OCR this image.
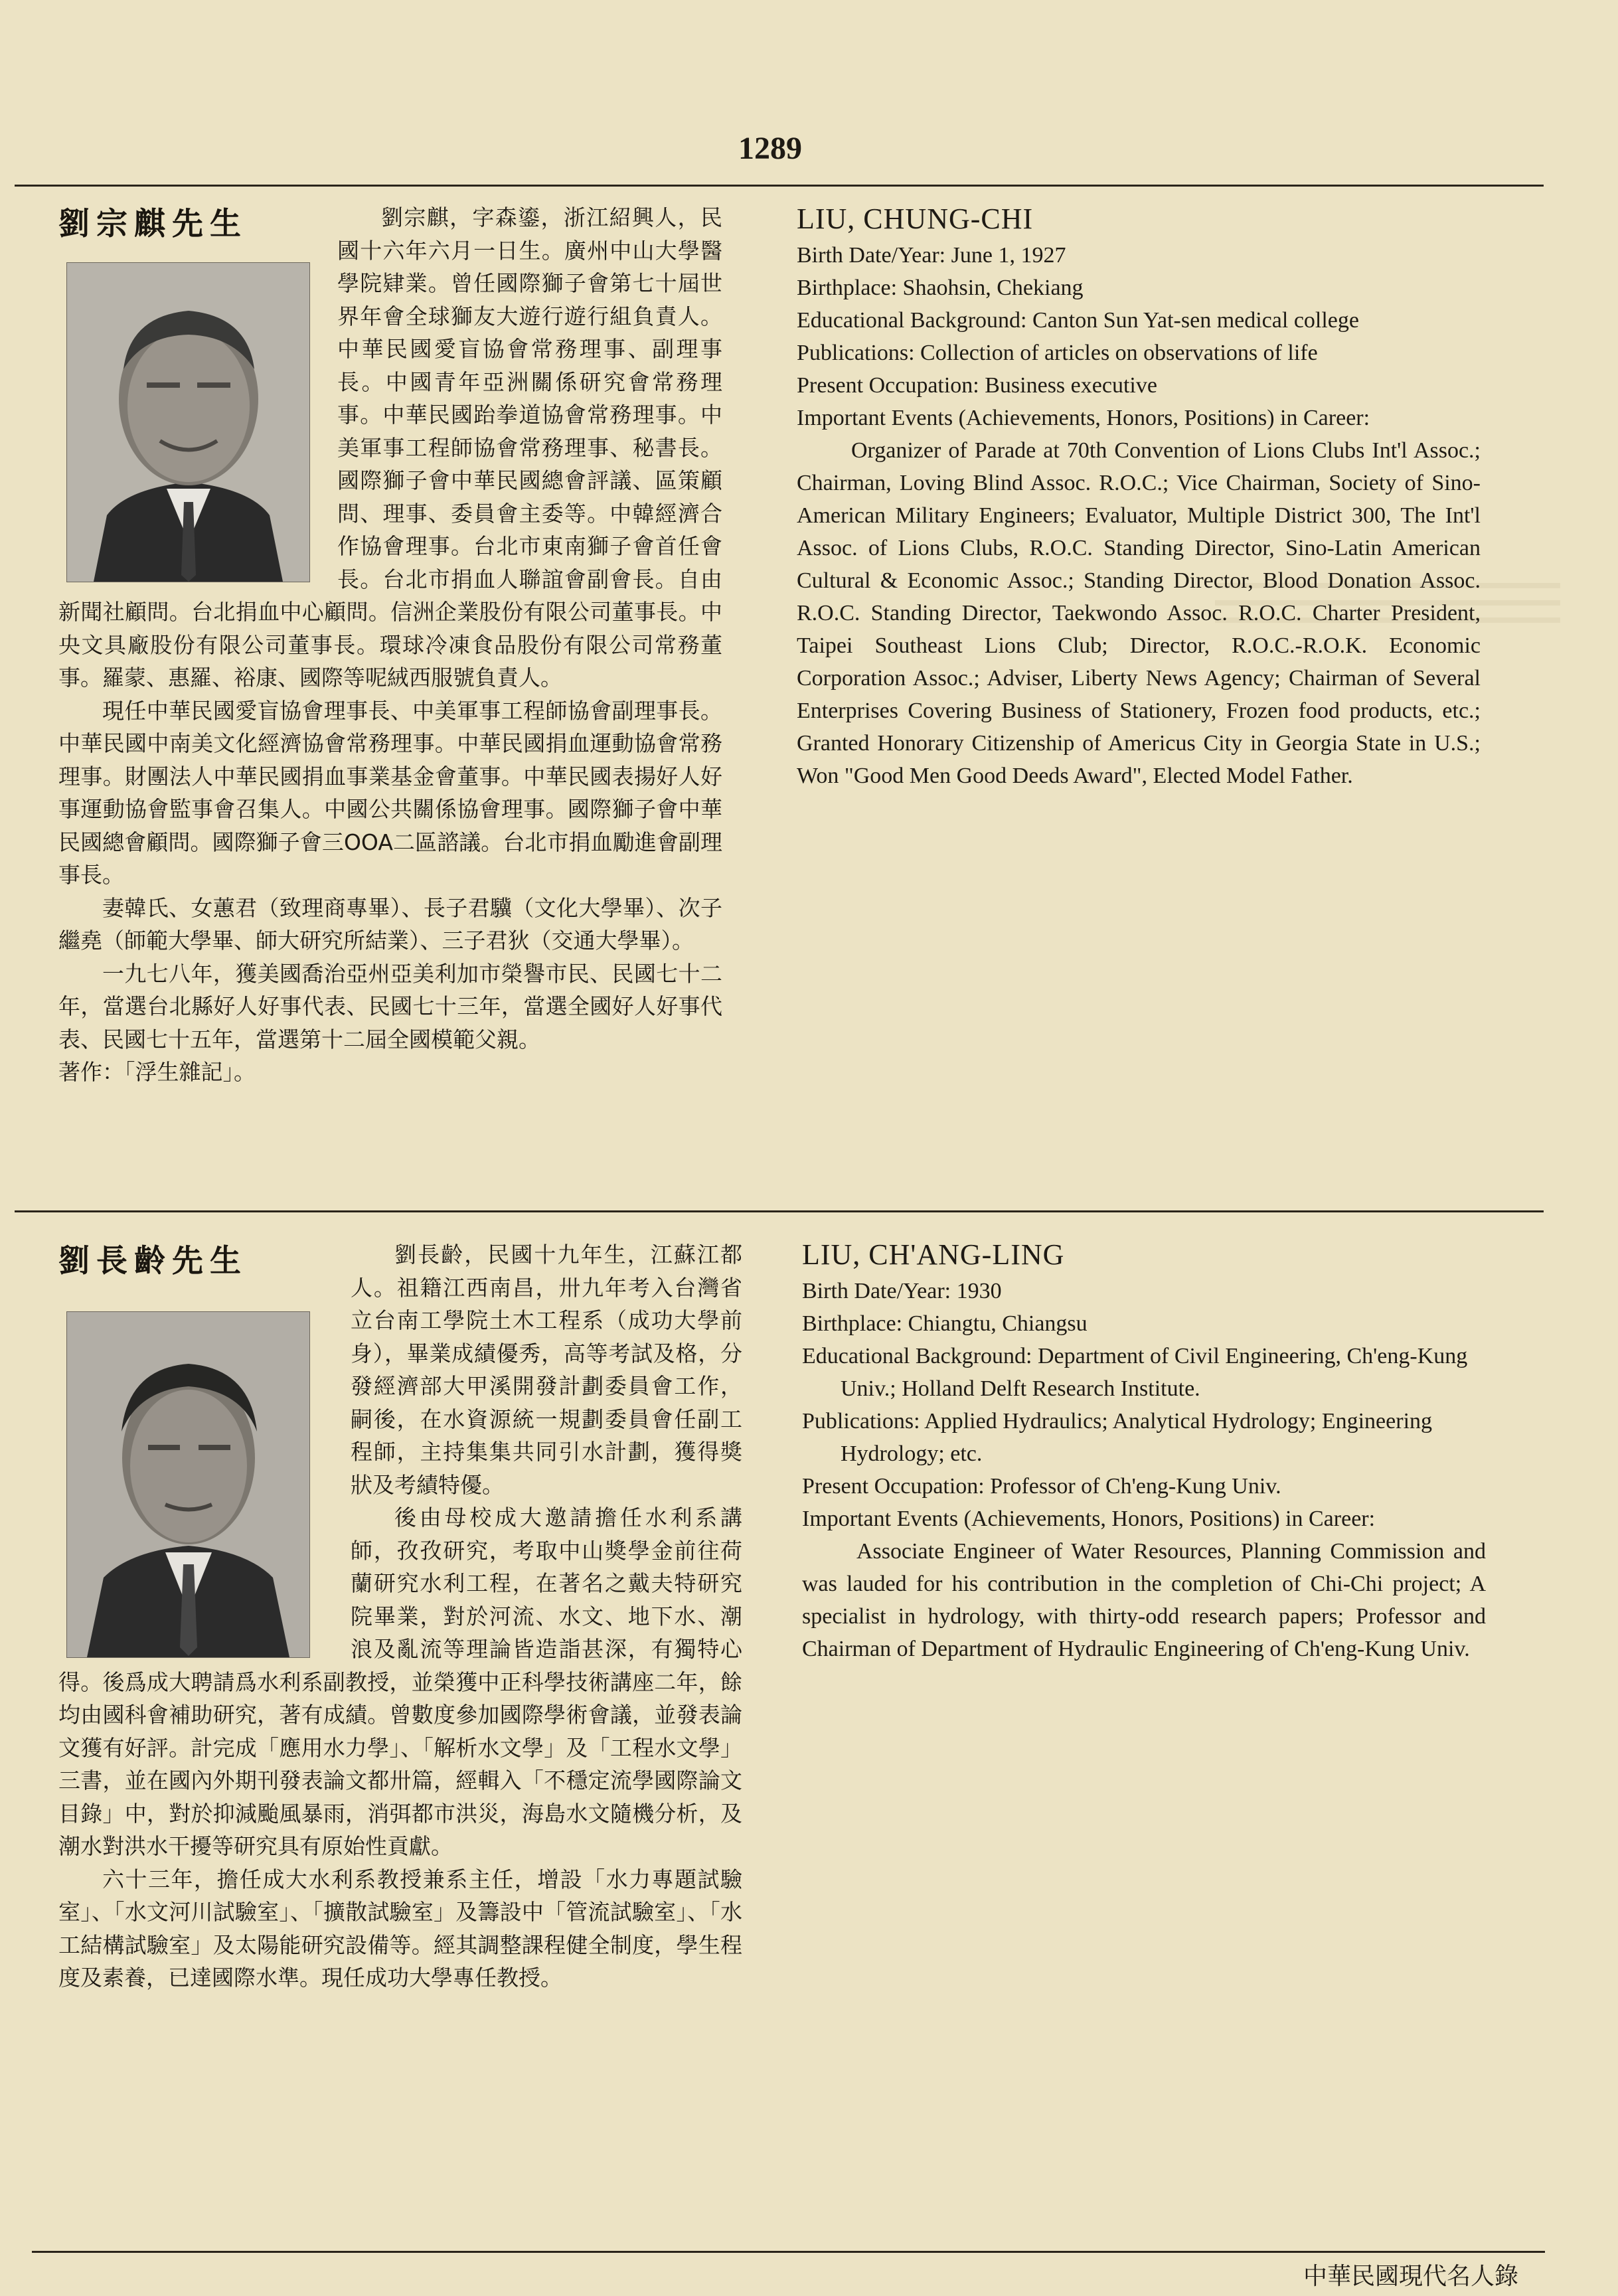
1289
劉宗麒先生	劉宗麒，字森鎏，浙江紹興人，民國十六年六月一日生。廣州中山大學醫學院肄業。曾任國際獅子會第七十屆世界年會全球獅友大遊行遊行組負責人。中華民國愛盲協會常務理事、副理事長。中國青年亞洲關係研究會常務理事。中華民國跆拳道協會常務理事。中美軍事工程師協會常務理事、秘書長。國際獅子會中華民國總會評議、區策顧問、理事、委員會主委等。中韓經濟合作協會理事。台北市東南獅子會首任會長。台北市捐血人聯誼會副會長。自由新聞社顧問。台北捐血中心顧問。信洲企業股份有限公司董事長。中央文具廠股份有限公司董事長。環球冷凍食品股份有限公司常務董事。羅蒙、惠羅、裕康、國際等呢絨西服號負責人。

現任中華民國愛盲協會理事長、中美軍事工程師協會副理事長。中華民國中南美文化經濟協會常務理事。中華民國捐血運動協會常務理事。財團法人中華民國捐血事業基金會董事。中華民國表揚好人好事運動協會監事會召集人。中國公共關係協會理事。國際獅子會中華民國總會顧問。國際獅子會三OOA二區諮議。台北市捐血勵進會副理事長。

妻韓氏、女蕙君（致理商專畢）、長子君驥（文化大學畢）、次子繼堯（師範大學畢、師大研究所結業）、三子君狄（交通大學畢）。

一九七八年，獲美國喬治亞州亞美利加市榮譽市民、民國七十二年，當選台北縣好人好事代表、民國七十三年，當選全國好人好事代表、民國七十五年，當選第十二屆全國模範父親。

著作：「浮生雜記」。

LIU, CHUNG-CHI

Birth Date/Year: June 1, 1927

Birthplace: Shaohsin, Chekiang

Educational Background: Canton Sun Yat-sen medical college

Publications: Collection of articles on observations of life

Present Occupation: Business executive

Important Events (Achievements, Honors, Positions) in Career:

Organizer of Parade at 70th Convention of Lions Clubs Int'l Assoc.; Chairman, Loving Blind Assoc. R.O.C.; Vice Chairman, Society of Sino-American Military Engineers; Evaluator, Multiple District 300, The Int'l Assoc. of Lions Clubs, R.O.C. Standing Director, Sino-Latin American Cultural & Economic Assoc.; Standing Director, Blood Donation Assoc. R.O.C. Standing Director, Taekwondo Assoc. R.O.C. Charter President, Taipei Southeast Lions Club; Director, R.O.C.-R.O.K. Economic Corporation Assoc.; Adviser, Liberty News Agency; Chairman of Several Enterprises Covering Business of Stationery, Frozen food products, etc.; Granted Honorary Citizenship of Americus City in Georgia State in U.S.; Won "Good Men Good Deeds Award", Elected Model Father.

劉長齡先生	劉長齡，民國十九年生，江蘇江都人。祖籍江西南昌，卅九年考入台灣省立台南工學院土木工程系（成功大學前身），畢業成績優秀，高等考試及格，分發經濟部大甲溪開發計劃委員會工作，嗣後，在水資源統一規劃委員會任副工程師，主持集集共同引水計劃，獲得獎狀及考績特優。

後由母校成大邀請擔任水利系講師，孜孜研究，考取中山獎學金前往荷蘭研究水利工程，在著名之戴夫特研究院畢業，對於河流、水文、地下水、潮浪及亂流等理論皆造詣甚深，有獨特心得。後爲成大聘請爲水利系副教授，並榮獲中正科學技術講座二年，餘均由國科會補助研究，著有成績。曾數度參加國際學術會議，並發表論文獲有好評。計完成「應用水力學」、「解析水文學」及「工程水文學」三書，並在國內外期刊發表論文都卅篇，經輯入「不穩定流學國際論文目錄」中，對於抑減颱風暴雨，消弭都市洪災，海島水文隨機分析，及潮水對洪水干擾等研究具有原始性貢獻。

六十三年，擔任成大水利系教授兼系主任，增設「水力專題試驗室」、「水文河川試驗室」、「擴散試驗室」及籌設中「管流試驗室」、「水工結構試驗室」及太陽能研究設備等。經其調整課程健全制度，學生程度及素養，已達國際水準。現任成功大學專任教授。

LIU, CH'ANG-LING

Birth Date/Year: 1930

Birthplace: Chiangtu, Chiangsu

Educational Background: Department of Civil Engineering, Ch'eng-Kung Univ.; Holland Delft Research Institute.

Publications: Applied Hydraulics; Analytical Hydrology; Engineering Hydrology; etc.

Present Occupation: Professor of Ch'eng-Kung Univ.

Important Events (Achievements, Honors, Positions) in Career:

Associate Engineer of Water Resources, Planning Commission and was lauded for his contribution in the completion of Chi-Chi project; A specialist in hydrology, with thirty-odd research papers; Professor and Chairman of Department of Hydraulic Engineering of Ch'eng-Kung Univ.

中華民國現代名人錄
